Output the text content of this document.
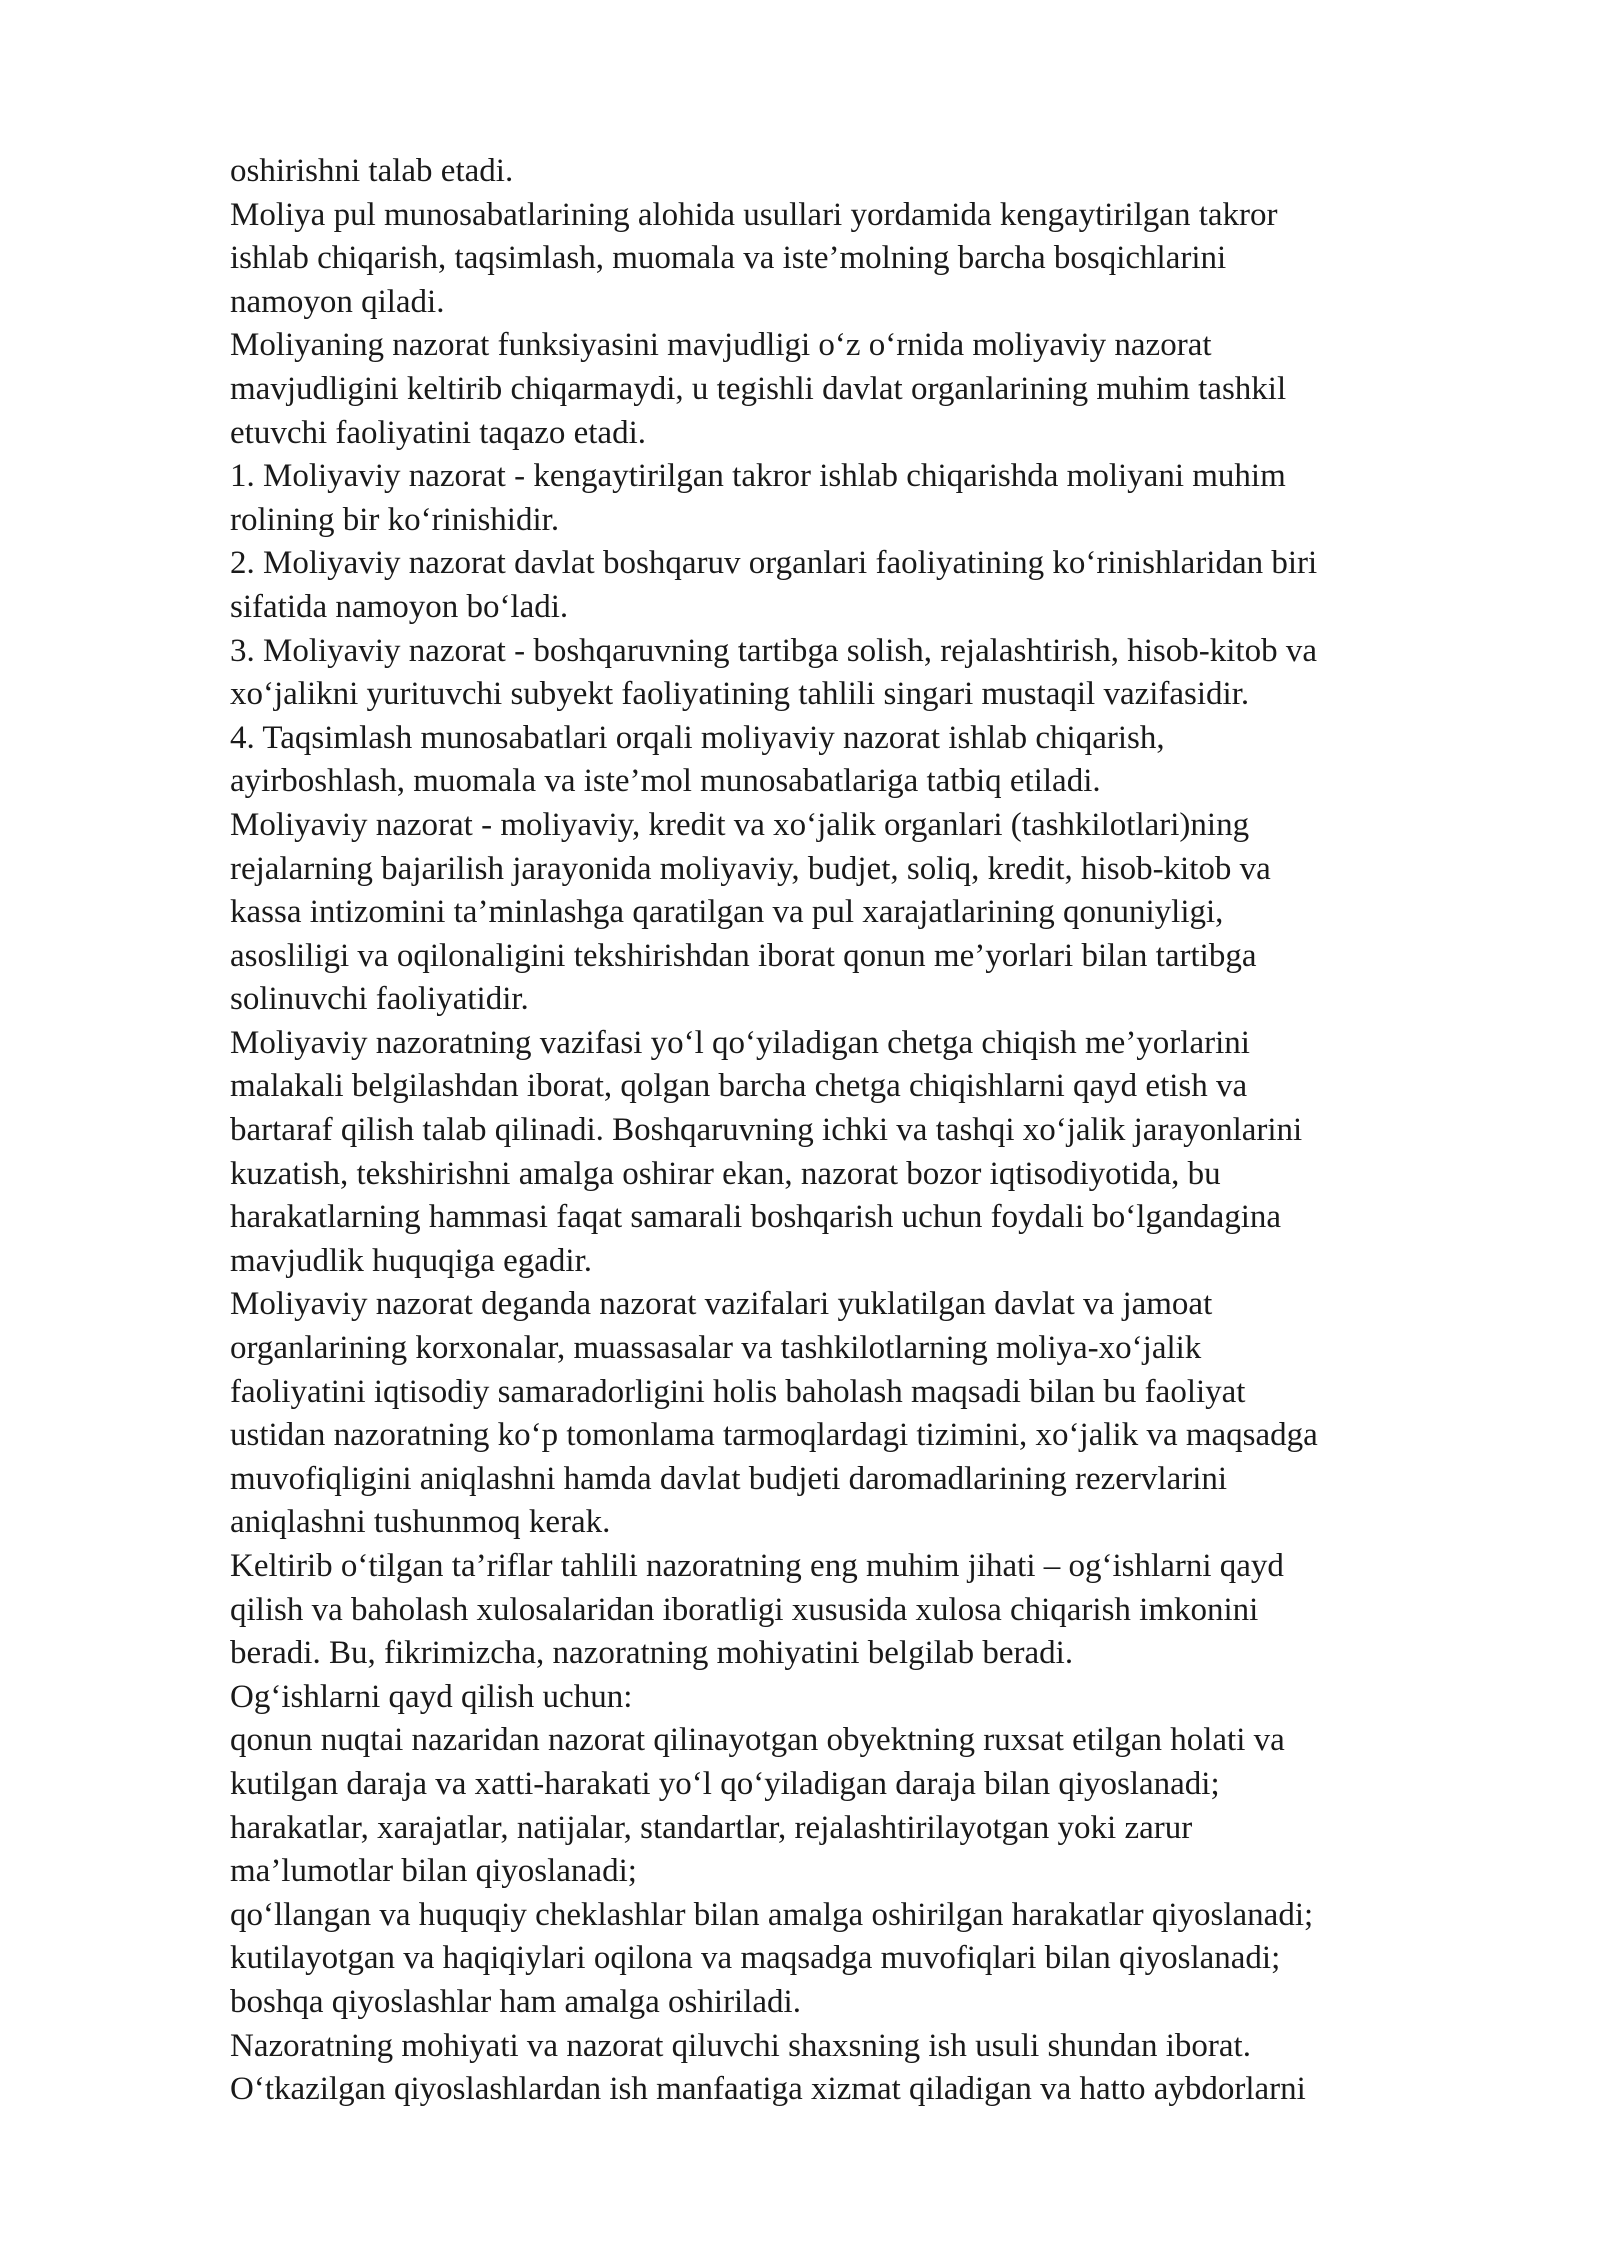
oshirishni talab etadi.
Moliya pul munosabatlarining alohida usullari yordamida kengaytirilgan takror
ishlab chiqarish, taqsimlash, muomala va iste’molning barcha bosqichlarini
namoyon qiladi.
Moliyaning nazorat funksiyasini mavjudligi o‘z o‘rnida moliyaviy nazorat
mavjudligini keltirib chiqarmaydi, u tegishli davlat organlarining muhim tashkil
etuvchi faoliyatini taqazo etadi.
1. Moliyaviy nazorat - kengaytirilgan takror ishlab chiqarishda moliyani muhim
rolining bir ko‘rinishidir.
2. Moliyaviy nazorat davlat boshqaruv organlari faoliyatining ko‘rinishlaridan biri
sifatida namoyon bo‘ladi.
3. Moliyaviy nazorat - boshqaruvning tartibga solish, rejalashtirish, hisob-kitob va
xo‘jalikni yurituvchi subyekt faoliyatining tahlili singari mustaqil vazifasidir.
4. Taqsimlash munosabatlari orqali moliyaviy nazorat ishlab chiqarish,
ayirboshlash, muomala va iste’mol munosabatlariga tatbiq etiladi.
Moliyaviy nazorat - moliyaviy, kredit va xo‘jalik organlari (tashkilotlari)ning
rejalarning bajarilish jarayonida moliyaviy, budjet, soliq, kredit, hisob-kitob va
kassa intizomini ta’minlashga qaratilgan va pul xarajatlarining qonuniyligi,
asosliligi va oqilonaligini tekshirishdan iborat qonun me’yorlari bilan tartibga
solinuvchi faoliyatidir.
Moliyaviy nazoratning vazifasi yo‘l qo‘yiladigan chetga chiqish me’yorlarini
malakali belgilashdan iborat, qolgan barcha chetga chiqishlarni qayd etish va
bartaraf qilish talab qilinadi. Boshqaruvning ichki va tashqi xo‘jalik jarayonlarini
kuzatish, tekshirishni amalga oshirar ekan, nazorat bozor iqtisodiyotida, bu
harakatlarning hammasi faqat samarali boshqarish uchun foydali bo‘lgandagina
mavjudlik huquqiga egadir.
Moliyaviy nazorat deganda nazorat vazifalari yuklatilgan davlat va jamoat
organlarining korxonalar, muassasalar va tashkilotlarning moliya-xo‘jalik
faoliyatini iqtisodiy samaradorligini holis baholash maqsadi bilan bu faoliyat
ustidan nazoratning ko‘p tomonlama tarmoqlardagi tizimini, xo‘jalik va maqsadga
muvofiqligini aniqlashni hamda davlat budjeti daromadlarining rezervlarini
aniqlashni tushunmoq kerak.
Keltirib o‘tilgan ta’riflar tahlili nazoratning eng muhim jihati – og‘ishlarni qayd
qilish va baholash xulosalaridan iboratligi xususida xulosa chiqarish imkonini
beradi. Bu, fikrimizcha, nazoratning mohiyatini belgilab beradi.
Og‘ishlarni qayd qilish uchun:
qonun nuqtai nazaridan nazorat qilinayotgan obyektning ruxsat etilgan holati va
kutilgan daraja va xatti-harakati yo‘l qo‘yiladigan daraja bilan qiyoslanadi;
harakatlar, xarajatlar, natijalar, standartlar, rejalashtirilayotgan yoki zarur
ma’lumotlar bilan qiyoslanadi;
qo‘llangan va huquqiy cheklashlar bilan amalga oshirilgan harakatlar qiyoslanadi;
kutilayotgan va haqiqiylari oqilona va maqsadga muvofiqlari bilan qiyoslanadi;
boshqa qiyoslashlar ham amalga oshiriladi.
Nazoratning mohiyati va nazorat qiluvchi shaxsning ish usuli shundan iborat.
O‘tkazilgan qiyoslashlardan ish manfaatiga xizmat qiladigan va hatto aybdorlarni
